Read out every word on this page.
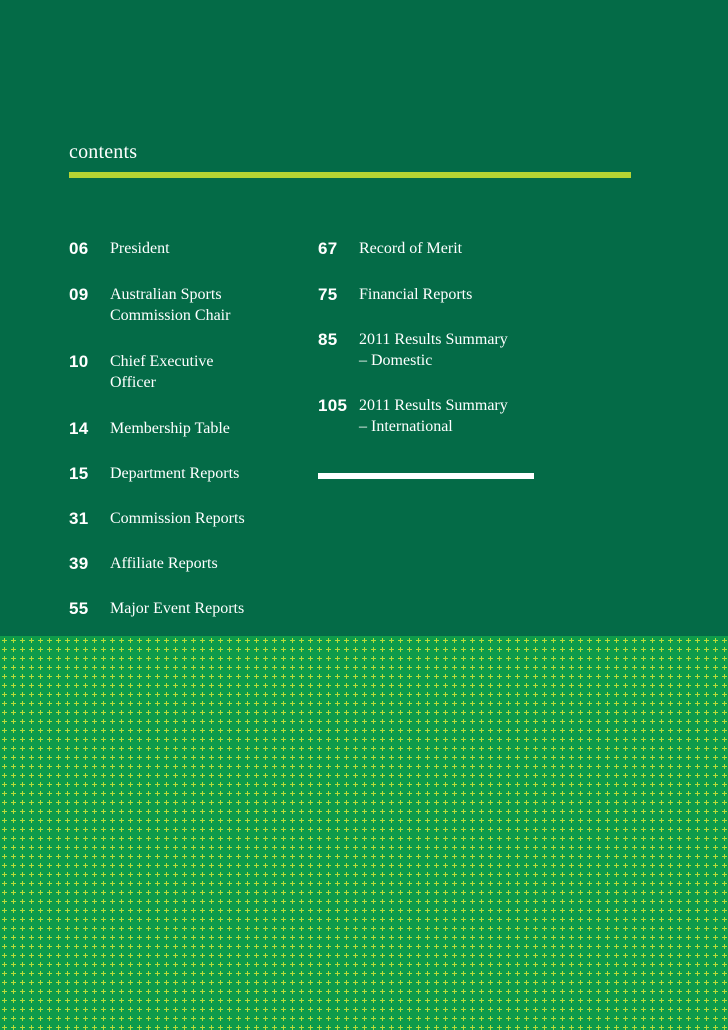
contents
06	President
09	Australian Sports
Commission Chair
10	Chief Executive
Officer
14	Membership Table
15	Department Reports
31	Commission Reports
39	Affiliate Reports
55	Major Event Reports
67	Record of Merit
75	Financial Reports
85	2011 Results Summary
– Domestic
105 2011 Results Summary
– International
